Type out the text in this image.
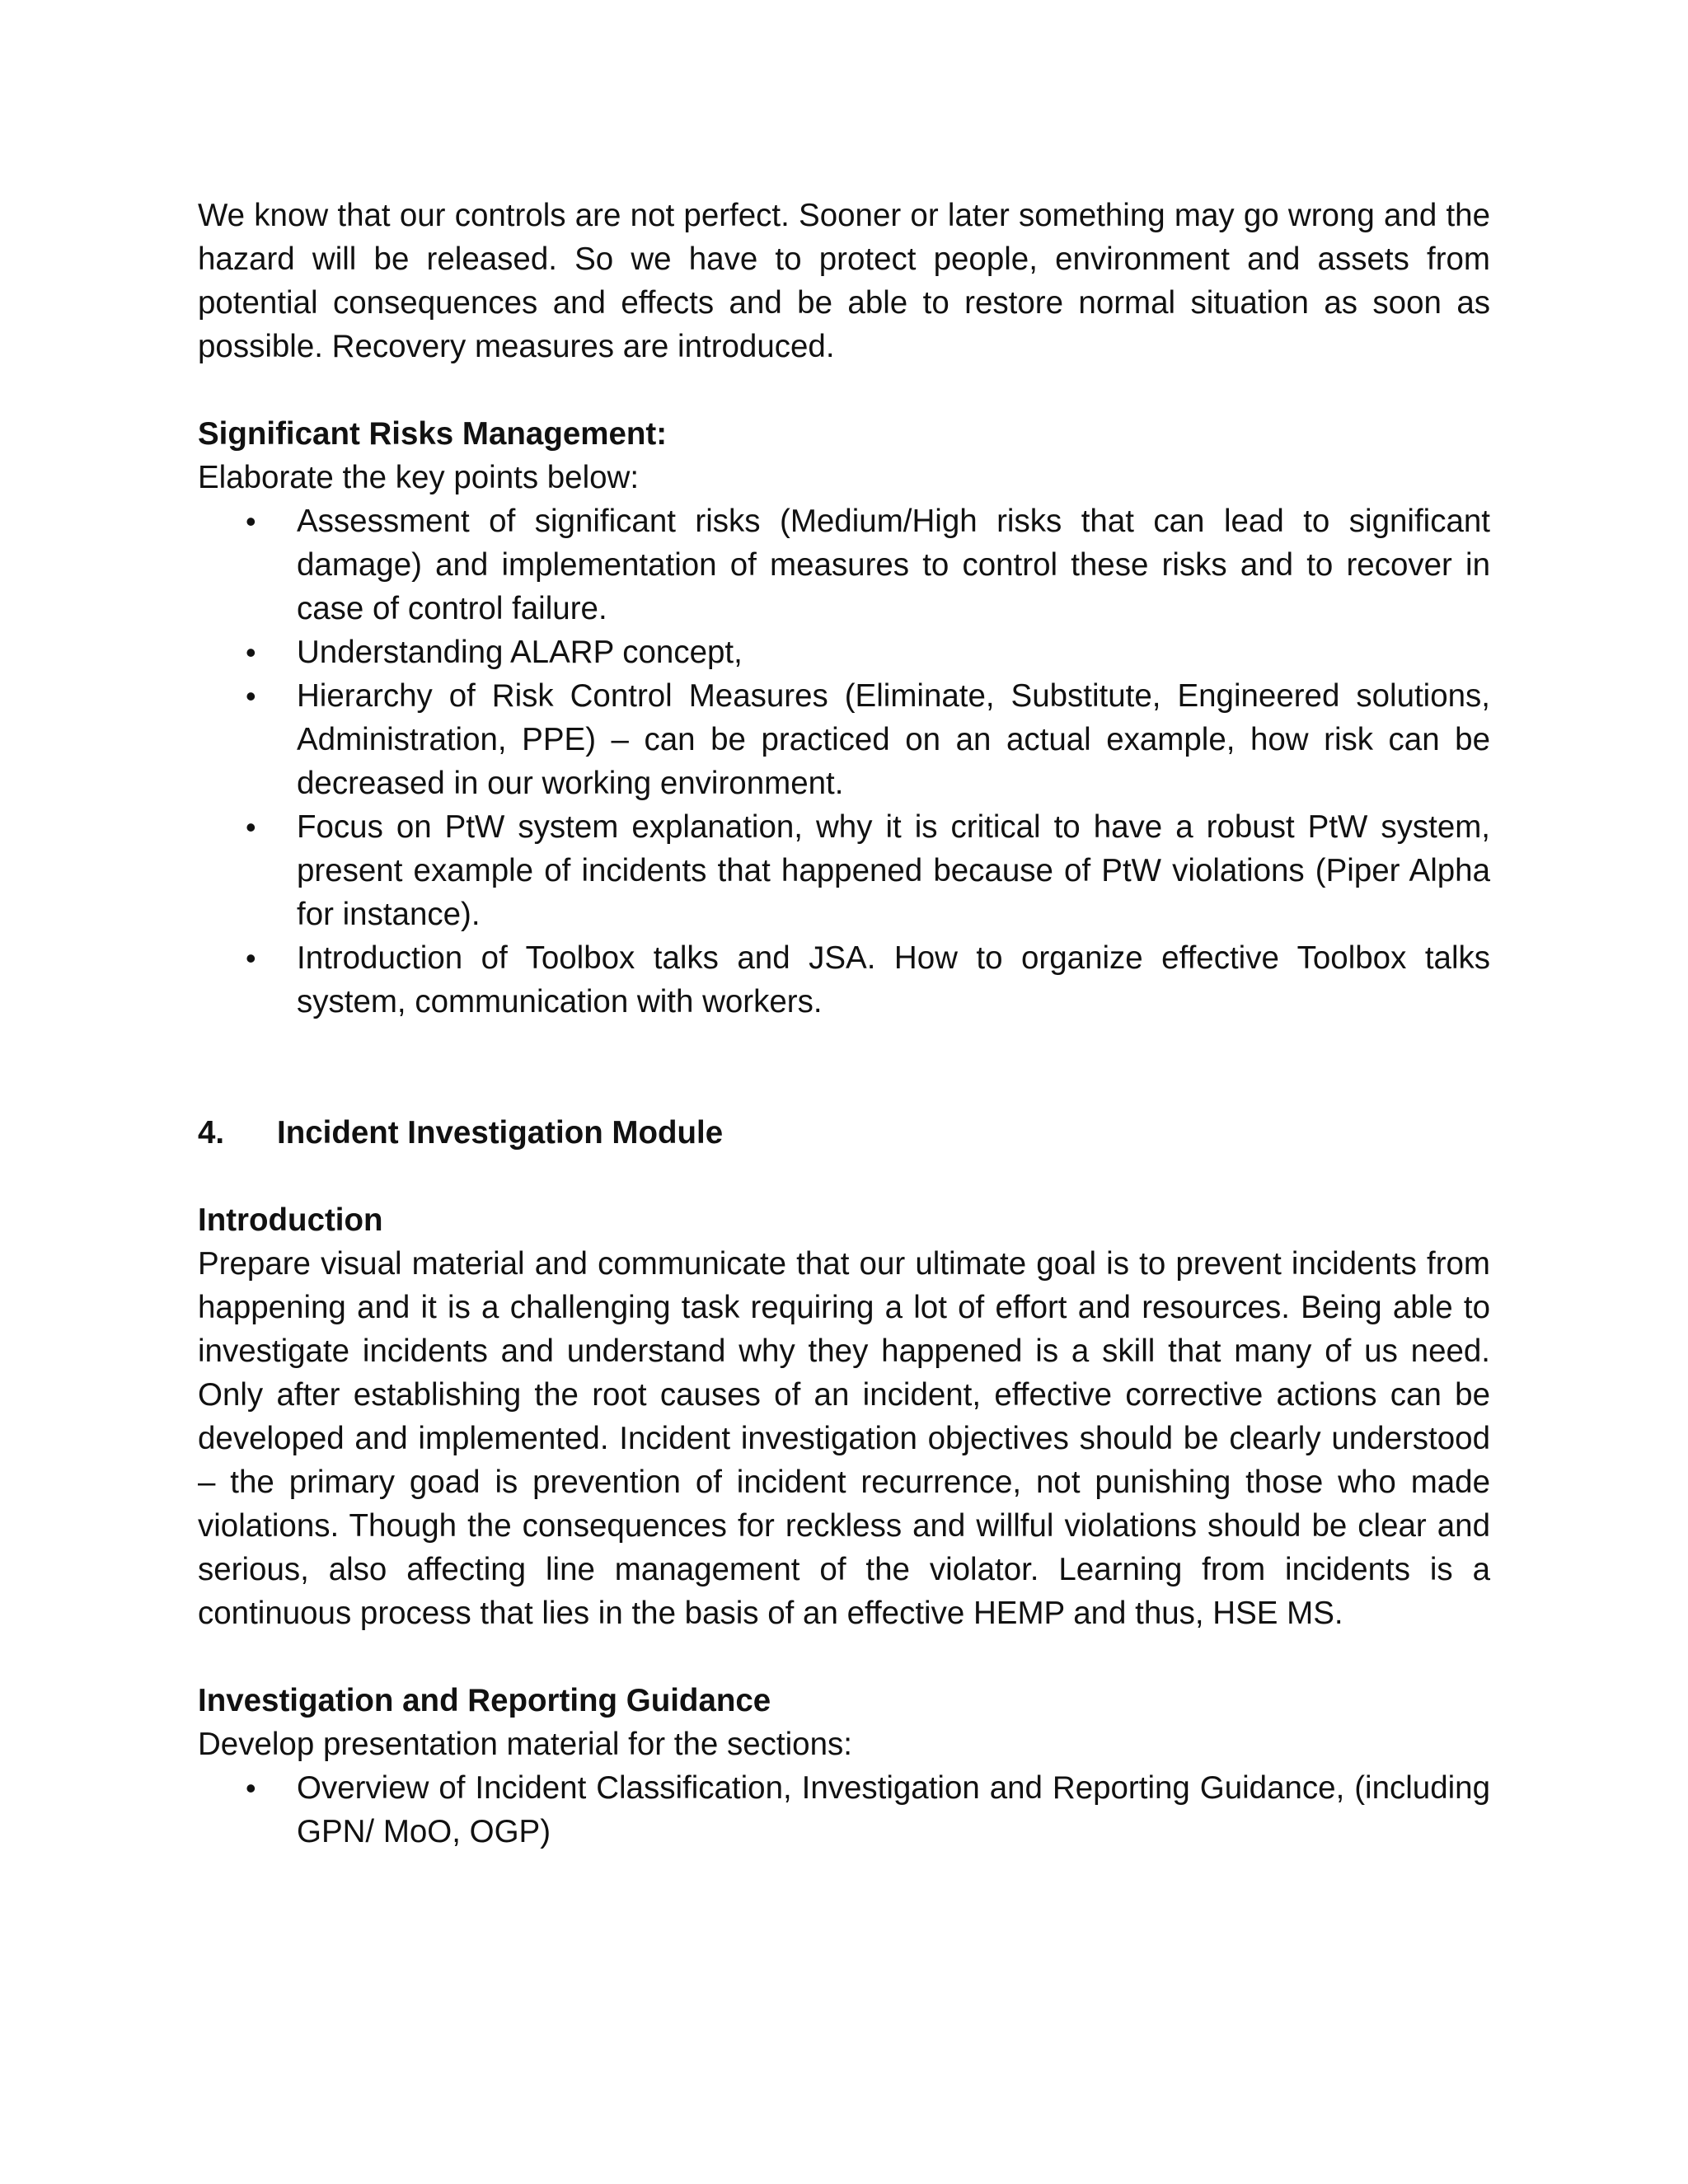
We know that our controls are not perfect. Sooner or later something may go wrong and the hazard will be released. So we have to protect people, environment and assets from potential consequences and effects and be able to restore normal situation as soon as possible. Recovery measures are introduced.

Significant Risks Management:

Elaborate the key points below:

• Assessment of significant risks (Medium/High risks that can lead to significant damage) and implementation of measures to control these risks and to recover in case of control failure.
• Understanding ALARP concept,
• Hierarchy of Risk Control Measures (Eliminate, Substitute, Engineered solutions, Administration, PPE) – can be practiced on an actual example, how risk can be decreased in our working environment.
• Focus on PtW system explanation, why it is critical to have a robust PtW system, present example of incidents that happened because of PtW violations (Piper Alpha for instance).
• Introduction of Toolbox talks and JSA. How to organize effective Toolbox talks system, communication with workers.

4.	Incident Investigation Module

Introduction

Prepare visual material and communicate that our ultimate goal is to prevent incidents from happening and it is a challenging task requiring a lot of effort and resources. Being able to investigate incidents and understand why they happened is a skill that many of us need. Only after establishing the root causes of an incident, effective corrective actions can be developed and implemented. Incident investigation objectives should be clearly understood – the primary goad is prevention of incident recurrence, not punishing those who made violations. Though the consequences for reckless and willful violations should be clear and serious, also affecting line management of the violator. Learning from incidents is a continuous process that lies in the basis of an effective HEMP and thus, HSE MS.

Investigation and Reporting Guidance

Develop presentation material for the sections:

• Overview of Incident Classification, Investigation and Reporting Guidance, (including GPN/ MoO, OGP)
